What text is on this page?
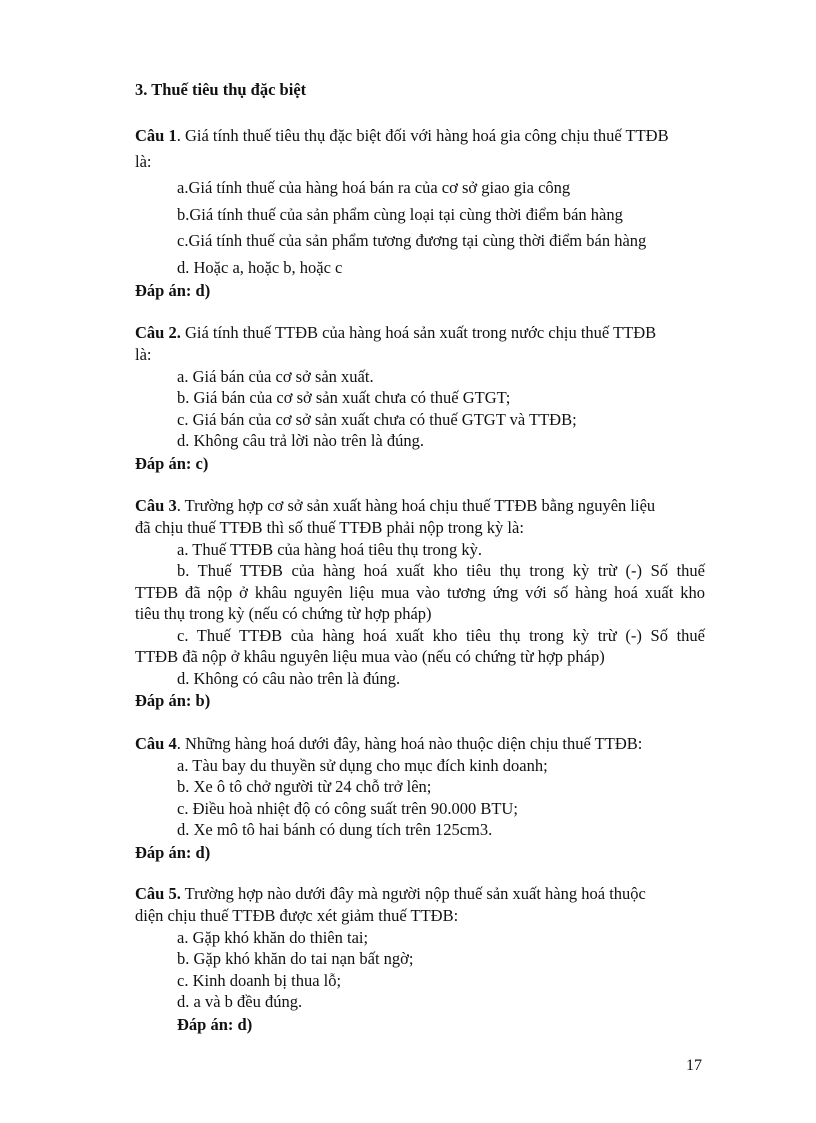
3. Thuế tiêu thụ đặc biệt
Câu 1. Giá tính thuế tiêu thụ đặc biệt đối với hàng hoá gia công chịu thuế TTĐB
là:
a.Giá tính thuế của hàng hoá bán ra của cơ sở giao gia công
b.Giá tính thuế của sản phẩm cùng loại tại cùng thời điểm bán hàng
c.Giá tính thuế của sản phẩm tương đương tại cùng thời điểm bán hàng
d. Hoặc a, hoặc b, hoặc c
Đáp án: d)
Câu 2. Giá tính thuế TTĐB của hàng hoá sản xuất trong nước chịu thuế TTĐB
là:
a. Giá bán của cơ sở sản xuất.
b. Giá bán của cơ sở sản xuất chưa có thuế GTGT;
c. Giá bán của cơ sở sản xuất chưa có thuế GTGT và TTĐB;
d. Không câu trả lời nào trên là đúng.
Đáp án: c)
Câu 3. Trường hợp cơ sở sản xuất hàng hoá chịu thuế TTĐB bằng nguyên liệu
đã chịu thuế TTĐB thì số thuế TTĐB phải nộp trong kỳ là:
a. Thuế TTĐB của hàng hoá tiêu thụ trong kỳ.
b. Thuế TTĐB của hàng hoá xuất kho tiêu thụ trong kỳ trừ (-) Số thuế
TTĐB đã nộp ở khâu nguyên liệu mua vào tương ứng với số hàng hoá xuất kho
tiêu thụ trong kỳ (nếu có chứng từ hợp pháp)
c. Thuế TTĐB của hàng hoá xuất kho tiêu thụ trong kỳ trừ (-) Số thuế
TTĐB đã nộp ở khâu nguyên liệu mua vào (nếu có chứng từ hợp pháp)
d. Không có câu nào trên là đúng.
Đáp án: b)
Câu 4. Những hàng hoá dưới đây, hàng hoá nào thuộc diện chịu thuế TTĐB:
a. Tàu bay du thuyền sử dụng cho mục đích kinh doanh;
b. Xe ô tô chở người từ 24 chỗ trở lên;
c. Điều hoà nhiệt độ có công suất trên 90.000 BTU;
d. Xe mô tô hai bánh có dung tích trên 125cm3.
Đáp án: d)
Câu 5. Trường hợp nào dưới đây mà người nộp thuế sản xuất hàng hoá thuộc
diện chịu thuế TTĐB được xét giảm thuế TTĐB:
a. Gặp khó khăn do thiên tai;
b. Gặp khó khăn do tai nạn bất ngờ;
c. Kinh doanh bị thua lỗ;
d. a và b đều đúng.
Đáp án: d)
17
